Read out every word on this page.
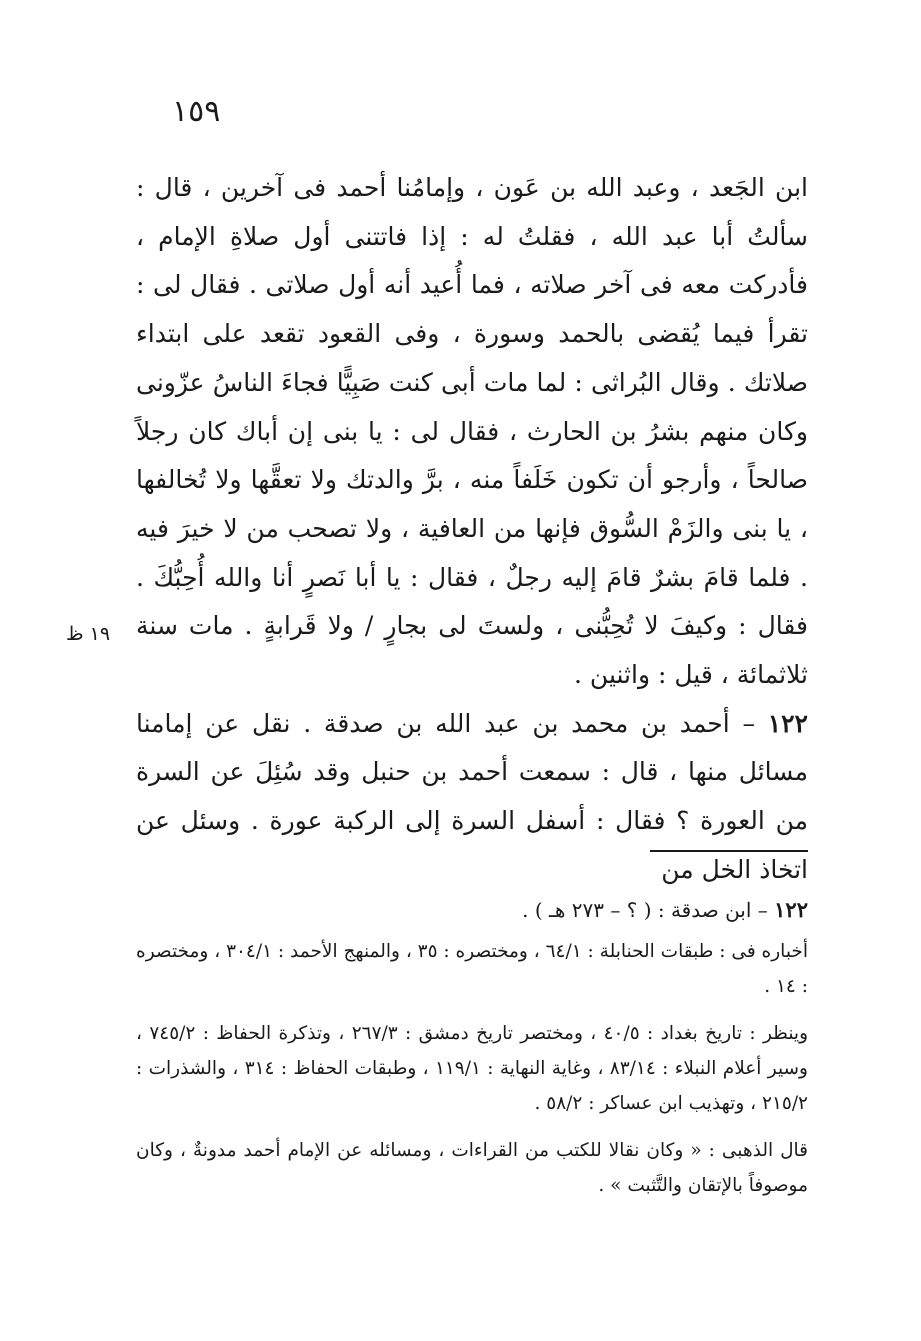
١٥٩
١٩ ظ

ابن الجَعد ، وعبد الله بن عَون ، وإمامُنا أحمد فى آخرين ، قال : سألتُ أبا عبد الله ، فقلتُ له : إذا فاتتنى أول صلاةِ الإمام ، فأدركت معه فى آخر صلاته ، فما أُعيد أنه أول صلاتى . فقال لى : تقرأ فيما يُقضى بالحمد وسورة ، وفى القعود تقعد على ابتداء صلاتك . وقال البُراثى : لما مات أبى كنت صَبِيًّا فجاءَ الناسُ عزّونى وكان منهم بشرُ بن الحارث ، فقال لى : يا بنى إن أباك كان رجلاً صالحاً ، وأرجو أن تكون خَلَفاً منه ، برَّ والدتك ولا تعقَّها ولا تُخالفها ، يا بنى والزَمْ السُّوق فإنها من العافية ، ولا تصحب من لا خيرَ فيه . فلما قامَ بشرٌ قامَ إليه رجلٌ ، فقال : يا أبا نَصرٍ أنا والله أُحِبُّكَ . فقال : وكيفَ لا تُحِبُّنى ، ولستَ لى بجارٍ / ولا قَرابةٍ . مات سنة ثلاثمائة ، قيل : واثنين .

١٢٢ – أحمد بن محمد بن عبد الله بن صدقة . نقل عن إمامنا مسائل منها ، قال : سمعت أحمد بن حنبل وقد سُئِلَ عن السرة من العورة ؟ فقال : أسفل السرة إلى الركبة عورة . وسئل عن اتخاذ الخل من

١٢٢ – ابن صدقة : ( ؟ – ٢٧٣ هـ ) .

أخباره فى : طبقات الحنابلة : ٦٤/١ ، ومختصره : ٣٥ ، والمنهج الأحمد : ٣٠٤/١ ، ومختصره : ١٤ .

وينظر : تاريخ بغداد : ٤٠/٥ ، ومختصر تاريخ دمشق : ٢٦٧/٣ ، وتذكرة الحفاظ : ٧٤٥/٢ ، وسير أعلام النبلاء : ٨٣/١٤ ، وغاية النهاية : ١١٩/١ ، وطبقات الحفاظ : ٣١٤ ، والشذرات : ٢١٥/٢ ، وتهذيب ابن عساكر : ٥٨/٢ .

قال الذهبى : « وكان نقالا للكتب من القراءات ، ومسائله عن الإمام أحمد مدونةٌ ، وكان موصوفاً بالإتقان والتَّثبت » .
